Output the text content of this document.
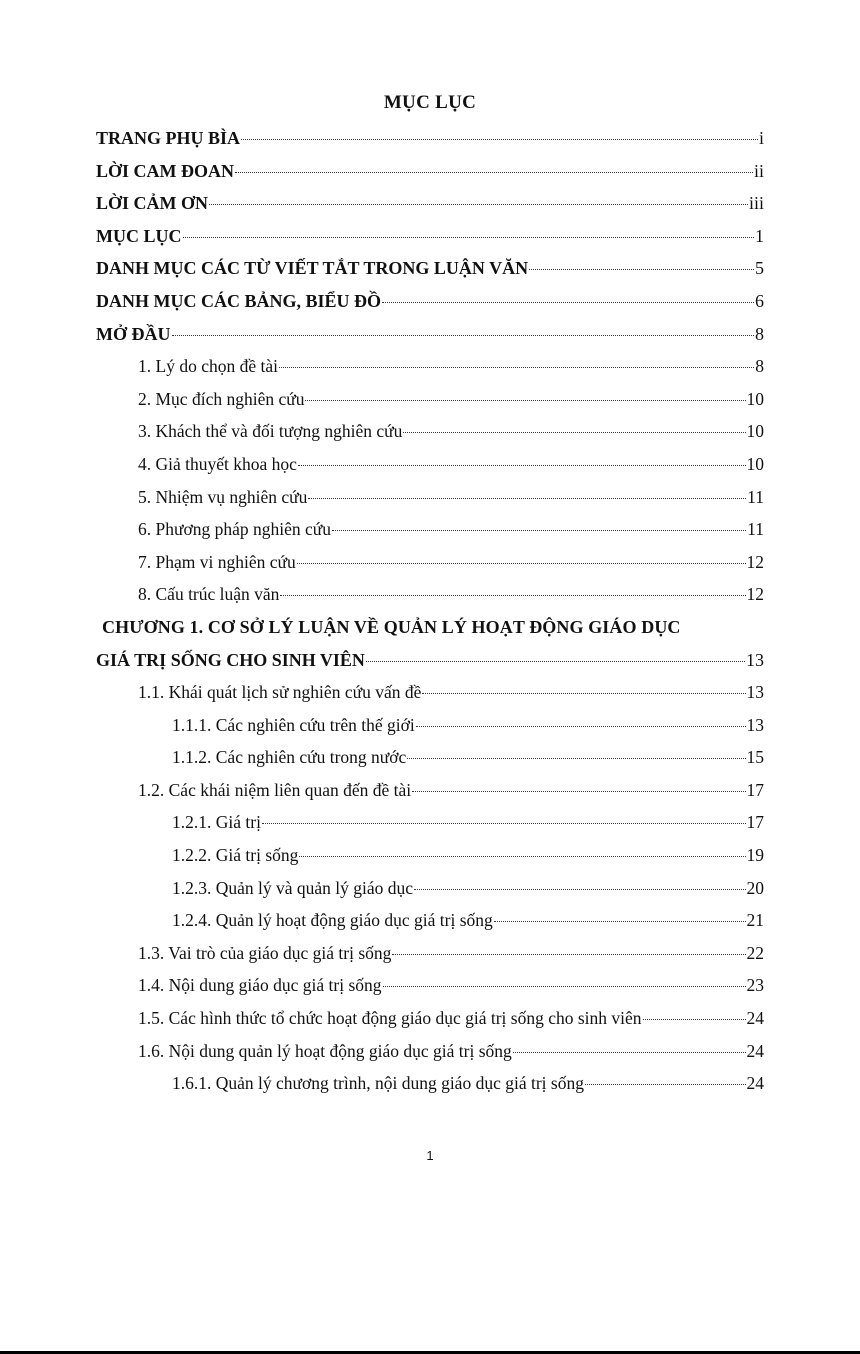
MỤC LỤC
TRANG PHỤ BÌA	i
LỜI CAM ĐOAN	ii
LỜI CẢM ƠN	iii
MỤC LỤC	1
DANH MỤC CÁC TỪ VIẾT TẮT TRONG LUẬN VĂN	5
DANH MỤC CÁC BẢNG, BIỂU ĐỒ	6
MỞ ĐẦU	8
1. Lý do chọn đề tài	8
2. Mục đích nghiên cứu	10
3. Khách thể và đối tượng nghiên cứu	10
4. Giả thuyết khoa học	10
5. Nhiệm vụ nghiên cứu	11
6. Phương pháp nghiên cứu	11
7. Phạm vi nghiên cứu	12
8. Cấu trúc luận văn	12
CHƯƠNG 1. CƠ SỞ LÝ LUẬN VỀ QUẢN LÝ HOẠT ĐỘNG GIÁO DỤC
GIÁ TRỊ SỐNG CHO SINH VIÊN	13
1.1. Khái quát lịch sử nghiên cứu vấn đề	13
1.1.1. Các nghiên cứu trên thế giới	13
1.1.2. Các nghiên cứu trong nước	15
1.2. Các khái niệm liên quan đến đề tài	17
1.2.1. Giá trị	17
1.2.2. Giá trị sống	19
1.2.3. Quản lý và quản lý giáo dục	20
1.2.4. Quản lý hoạt động giáo dục giá trị sống	21
1.3. Vai trò của giáo dục giá trị sống	22
1.4. Nội dung giáo dục giá trị sống	23
1.5. Các hình thức tổ chức hoạt động giáo dục giá trị sống cho sinh viên	24
1.6. Nội dung quản lý hoạt động giáo dục giá trị sống	24
1.6.1. Quản lý chương trình, nội dung giáo dục giá trị sống	24
1
